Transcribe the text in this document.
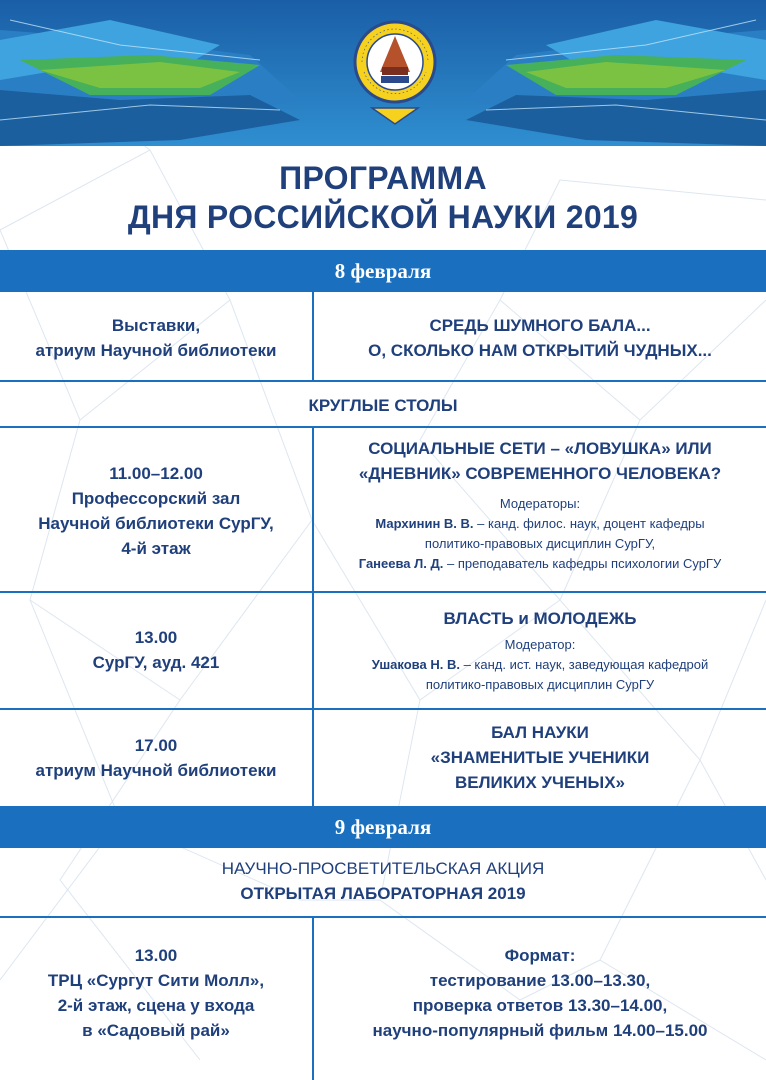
ПРОГРАММА
ДНЯ РОССИЙСКОЙ НАУКИ 2019
8 февраля
Выставки,
атриум Научной библиотеки
СРЕДЬ ШУМНОГО БАЛА...
О, СКОЛЬКО НАМ ОТКРЫТИЙ ЧУДНЫХ...
КРУГЛЫЕ СТОЛЫ
11.00–12.00
Профессорский зал
Научной библиотеки СурГУ,
4-й этаж
СОЦИАЛЬНЫЕ СЕТИ – «ЛОВУШКА» ИЛИ
«ДНЕВНИК» СОВРЕМЕННОГО ЧЕЛОВЕКА?
Модераторы:
Мархинин В. В. – канд. филос. наук, доцент кафедры
политико-правовых дисциплин СурГУ,
Ганеева Л. Д. – преподаватель кафедры психологии СурГУ
13.00
СурГУ, ауд. 421
ВЛАСТЬ и МОЛОДЕЖЬ
Модератор:
Ушакова Н. В. – канд. ист. наук, заведующая кафедрой
политико-правовых дисциплин СурГУ
17.00
атриум Научной библиотеки
БАЛ НАУКИ
«ЗНАМЕНИТЫЕ УЧЕНИКИ
ВЕЛИКИХ УЧЕНЫХ»
9 февраля
НАУЧНО-ПРОСВЕТИТЕЛЬСКАЯ АКЦИЯ
ОТКРЫТАЯ ЛАБОРАТОРНАЯ 2019
13.00
ТРЦ «Сургут Сити Молл»,
2-й этаж, сцена у входа
в «Садовый рай»
Формат:
тестирование 13.00–13.30,
проверка ответов 13.30–14.00,
научно-популярный фильм 14.00–15.00
